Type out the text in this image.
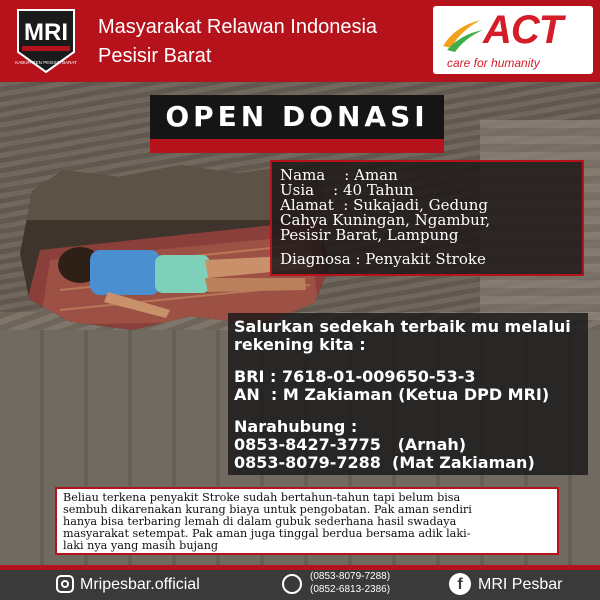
MRI
KABUPATEN PESISIR BARAT
Masyarakat Relawan Indonesia
Pesisir Barat
ACT
care for humanity
OPEN DONASI
Nama    : Aman
Usia    : 40 Tahun
Alamat  : Sukajadi, Gedung
Cahya Kuningan, Ngambur,
Pesisir Barat, Lampung
Diagnosa : Penyakit Stroke
Salurkan sedekah terbaik mu melalui
rekening kita :
BRI : 7618-01-009650-53-3
AN  : M Zakiaman (Ketua DPD MRI)
Narahubung :
0853-8427-3775   (Arnah)
0853-8079-7288  (Mat Zakiaman)
Beliau terkena penyakit Stroke sudah bertahun-tahun tapi belum bisa
sembuh dikarenakan kurang biaya untuk pengobatan. Pak aman sendiri
hanya bisa terbaring lemah di dalam gubuk sederhana hasil swadaya
masyarakat setempat. Pak aman juga tinggal berdua bersama adik laki-
laki nya yang masih bujang
Mripesbar.official	(0853-8079-7288)
(0852-6813-2386)	f MRI Pesbar
